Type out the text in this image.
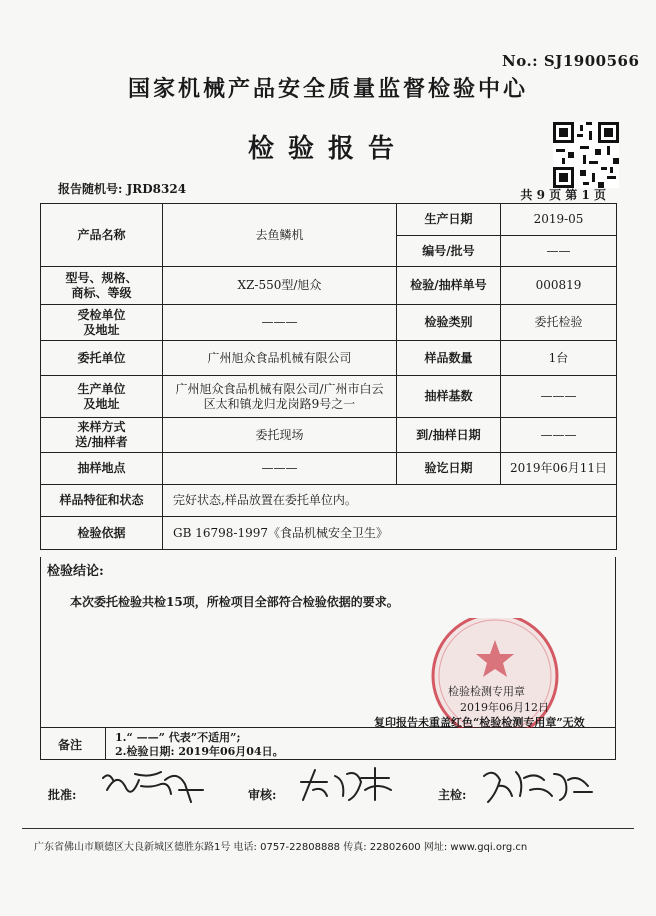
No.: SJ1900566
国家机械产品安全质量监督检验中心
检验报告
报告随机号: JRD8324	共 9 页 第 1 页
产品名称	去鱼鳞机	生产日期	2019-05
		编号/批号	——
型号、规格、
商标、等级	XZ-550型/旭众	检验/抽样单号	000819
受检单位
及地址	———	检验类别	委托检验
委托单位	广州旭众食品机械有限公司	样品数量	1台
生产单位
及地址	广州旭众食品机械有限公司/广州市白云
区太和镇龙归龙岗路9号之一	抽样基数	———
来样方式
送/抽样者	委托现场	到/抽样日期	———
抽样地点	———	验讫日期	2019年06月11日
样品特征和状态	完好状态,样品放置在委托单位内。		
检验依据	GB 16798-1997《食品机械安全卫生》		
检验结论:
本次委托检验共检15项，所检项目全部符合检验依据的要求。
检验检测专用章
2019年06月12日
复印报告未重盖红色“检验检测专用章”无效
备注
1.“ ——” 代表”不适用”;
2.检验日期: 2019年06月04日。
批准:	审核:	主检:
广东省佛山市顺德区大良新城区德胜东路1号 电话: 0757-22808888 传真: 22802600 网址: www.gqi.org.cn
